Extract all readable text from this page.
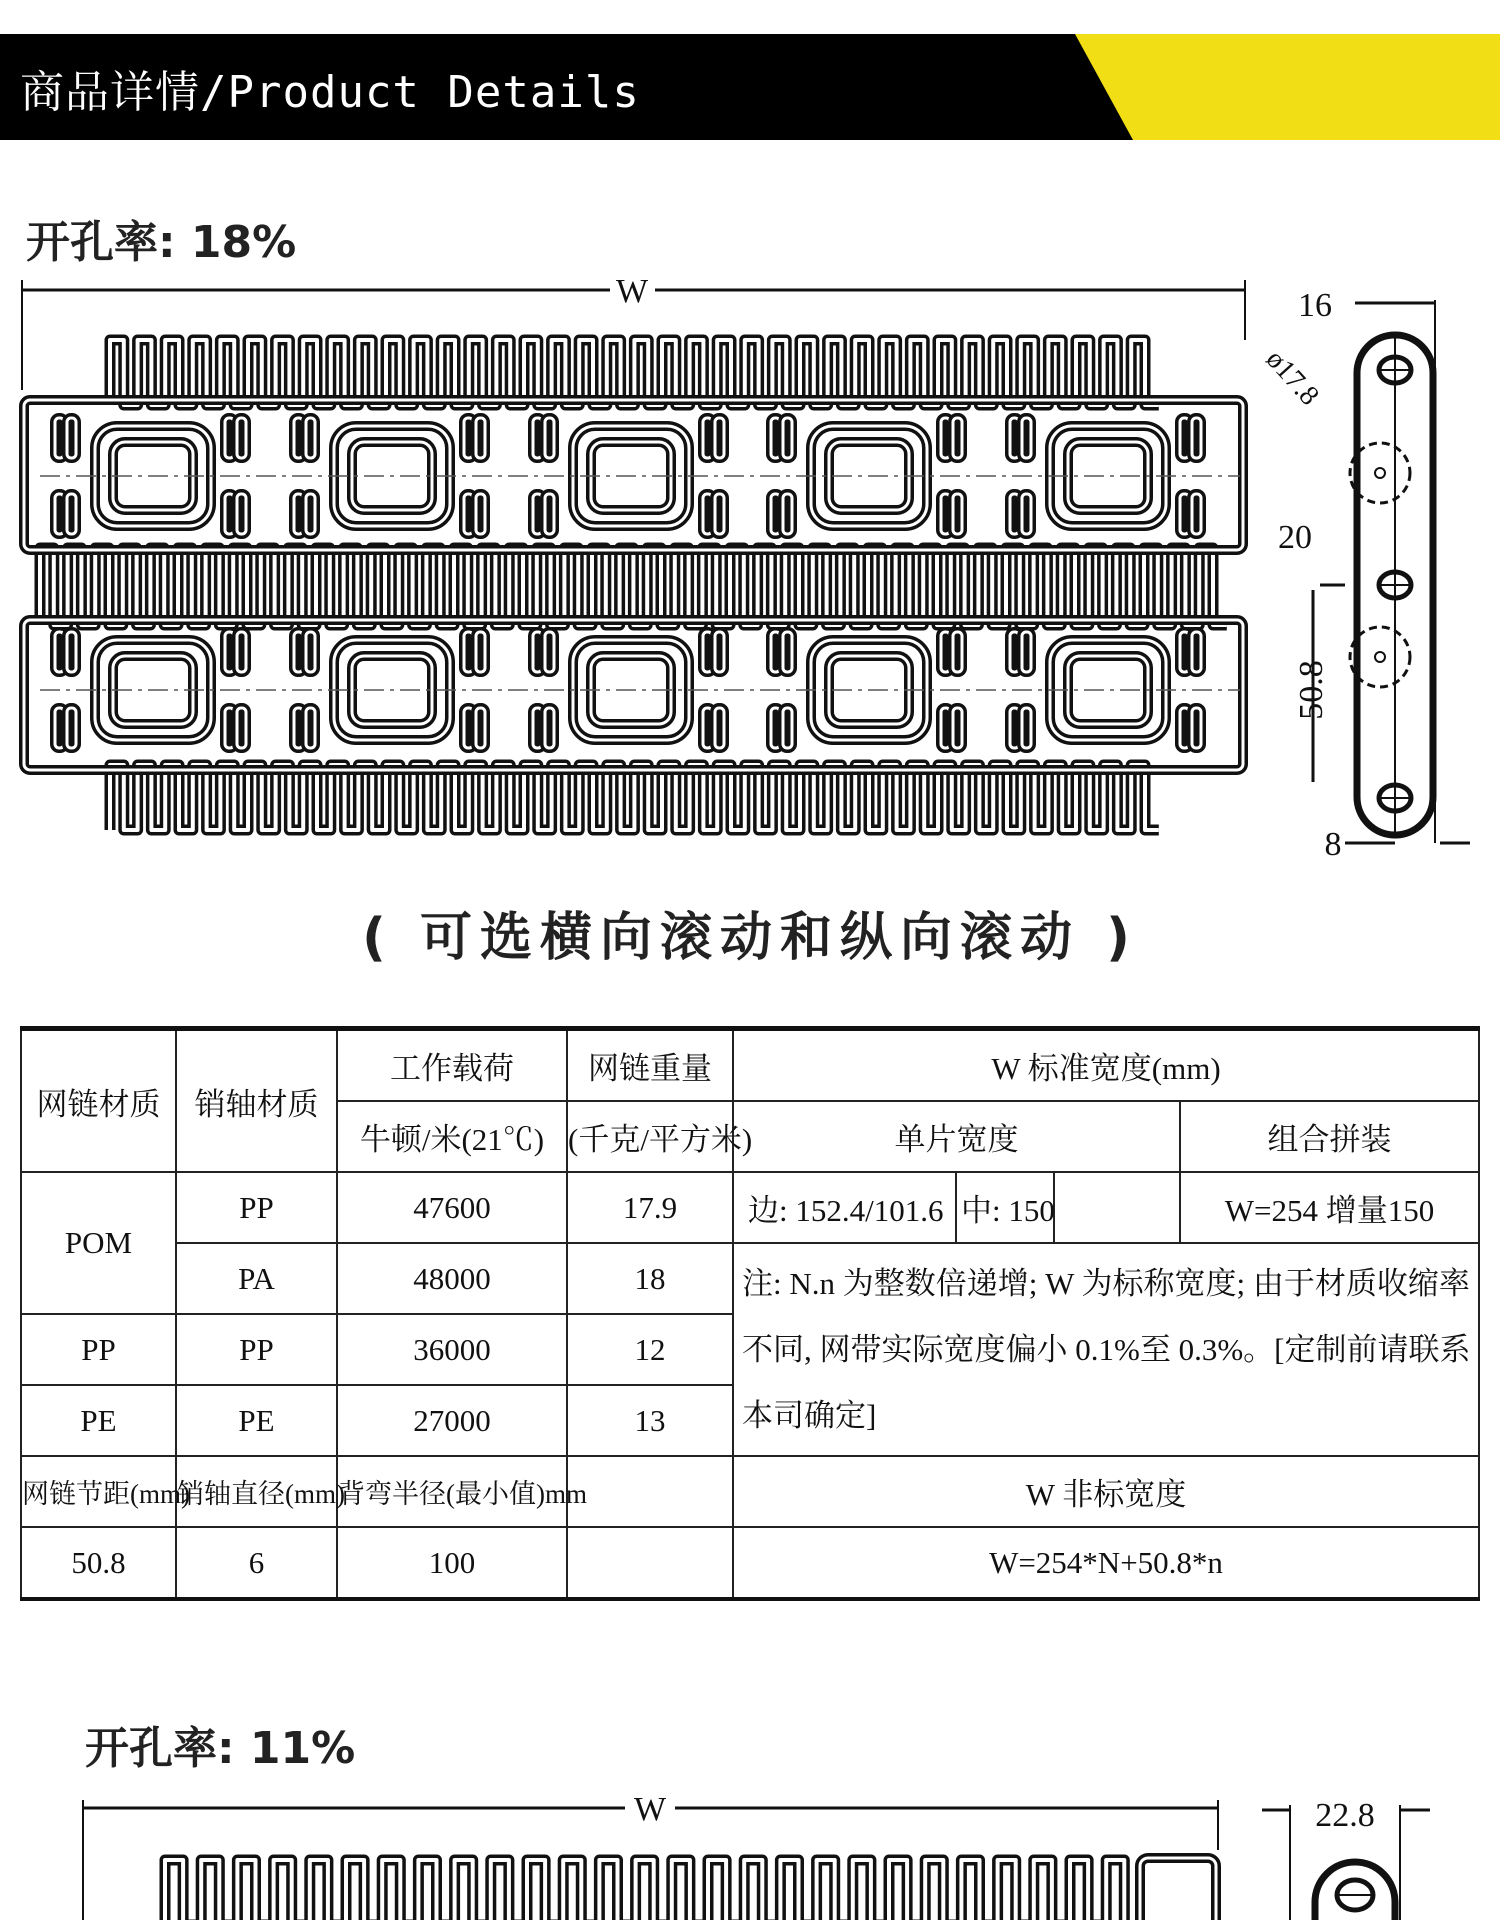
商品详情/Product Details
开孔率: 18%
W	16
ø17.8
20
50.8
8
( 可选横向滚动和纵向滚动 )
网链材质	销轴材质	工作载荷	网链重量	W 标准宽度(mm)			
		牛顿/米(21℃)	(千克/平方米)	单片宽度			组合拼装
POM	PP	47600	17.9	边: 152.4/101.6	中: 150		W=254 增量150
	PA	48000	18	注: N.n 为整数倍递增; W 为标称宽度; 由于材质收缩率不同, 网带实际宽度偏小 0.1%至 0.3%。[定制前请联系本司确定]			
PP	PP	36000	12				
PE	PE	27000	13				
网链节距(mm)	销轴直径(mm)	背弯半径(最小值)mm		W 非标宽度			
50.8	6	100		W=254*N+50.8*n			
开孔率: 11%
W	22.8
